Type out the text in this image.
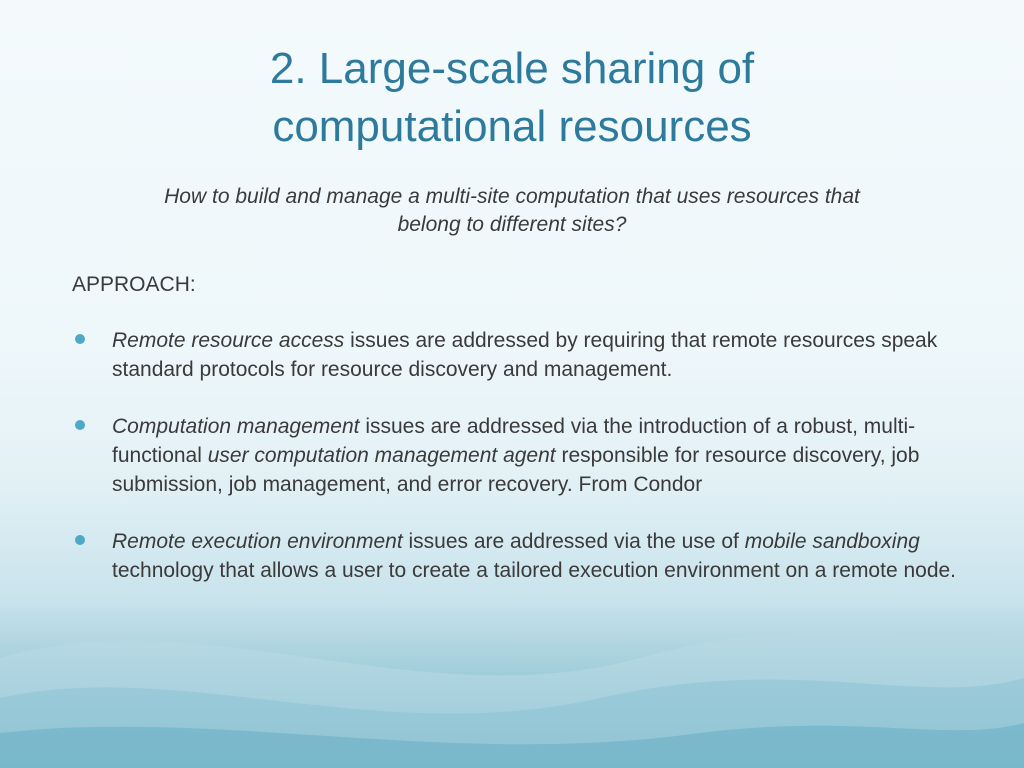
2. Large-scale sharing of
computational resources

How to build and manage a multi-site computation that uses resources that
belong to different sites?

APPROACH:

Remote resource access issues are addressed by requiring that remote resources speak standard protocols for resource discovery and management.
Computation management issues are addressed via the introduction of a robust, multi-functional user computation management agent responsible for resource discovery, job submission, job management, and error recovery. From Condor
Remote execution environment issues are addressed via the use of mobile sandboxing technology that allows a user to create a tailored execution environment on a remote node.
